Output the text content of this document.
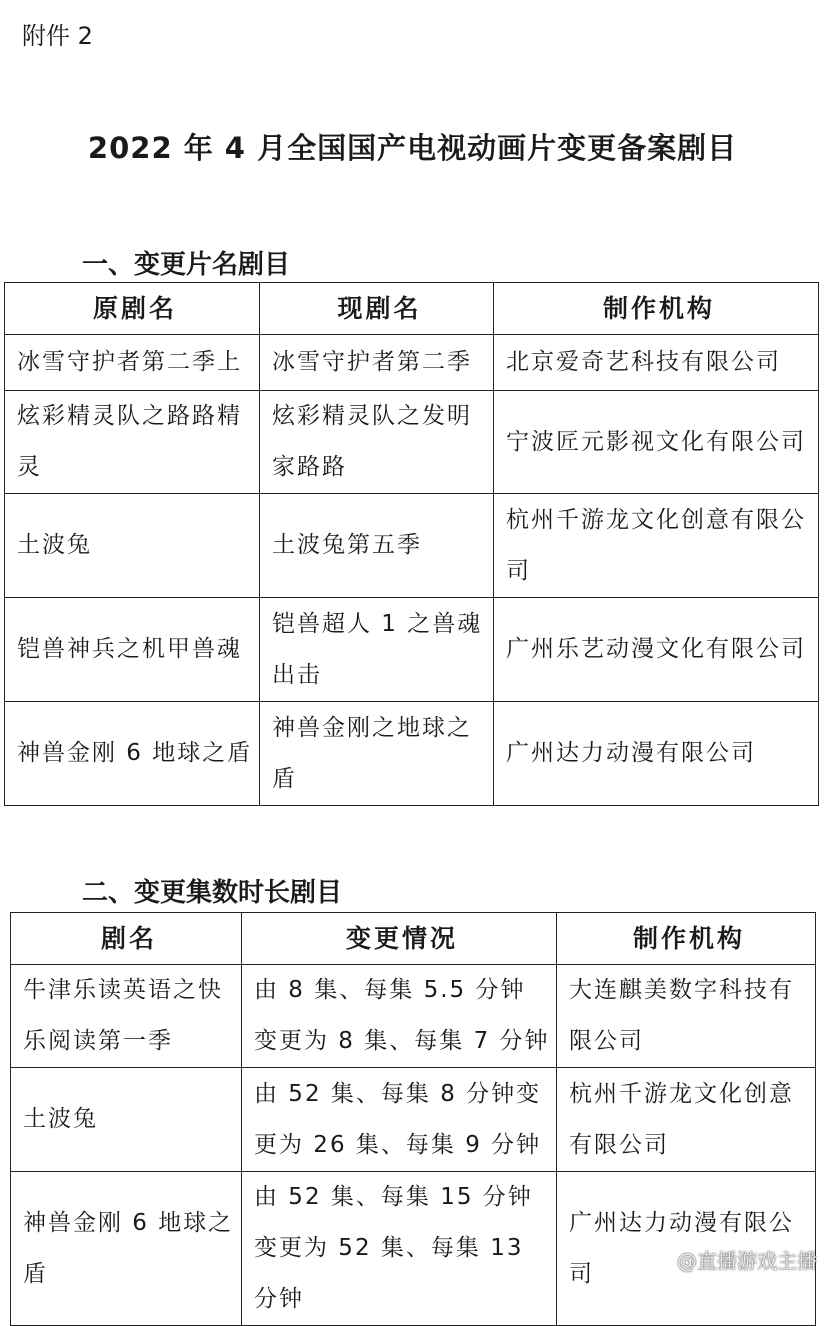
附件 2
2022 年 4 月全国国产电视动画片变更备案剧目
一、变更片名剧目
原剧名	现剧名	制作机构
冰雪守护者第二季上	冰雪守护者第二季	北京爱奇艺科技有限公司
炫彩精灵队之路路精灵	炫彩精灵队之发明家路路	宁波匠元影视文化有限公司
土波兔	土波兔第五季	杭州千游龙文化创意有限公司
铠兽神兵之机甲兽魂	铠兽超人 1 之兽魂出击	广州乐艺动漫文化有限公司
神兽金刚 6 地球之盾	神兽金刚之地球之盾	广州达力动漫有限公司
二、变更集数时长剧目
剧名	变更情况	制作机构
牛津乐读英语之快乐阅读第一季	由 8 集、每集 5.5 分钟变更为 8 集、每集 7 分钟	大连麒美数字科技有限公司
土波兔	由 52 集、每集 8 分钟变更为 26 集、每集 9 分钟	杭州千游龙文化创意有限公司
神兽金刚 6 地球之盾	由 52 集、每集 15 分钟变更为 52 集、每集 13 分钟	广州达力动漫有限公司	@直播游戏主播
